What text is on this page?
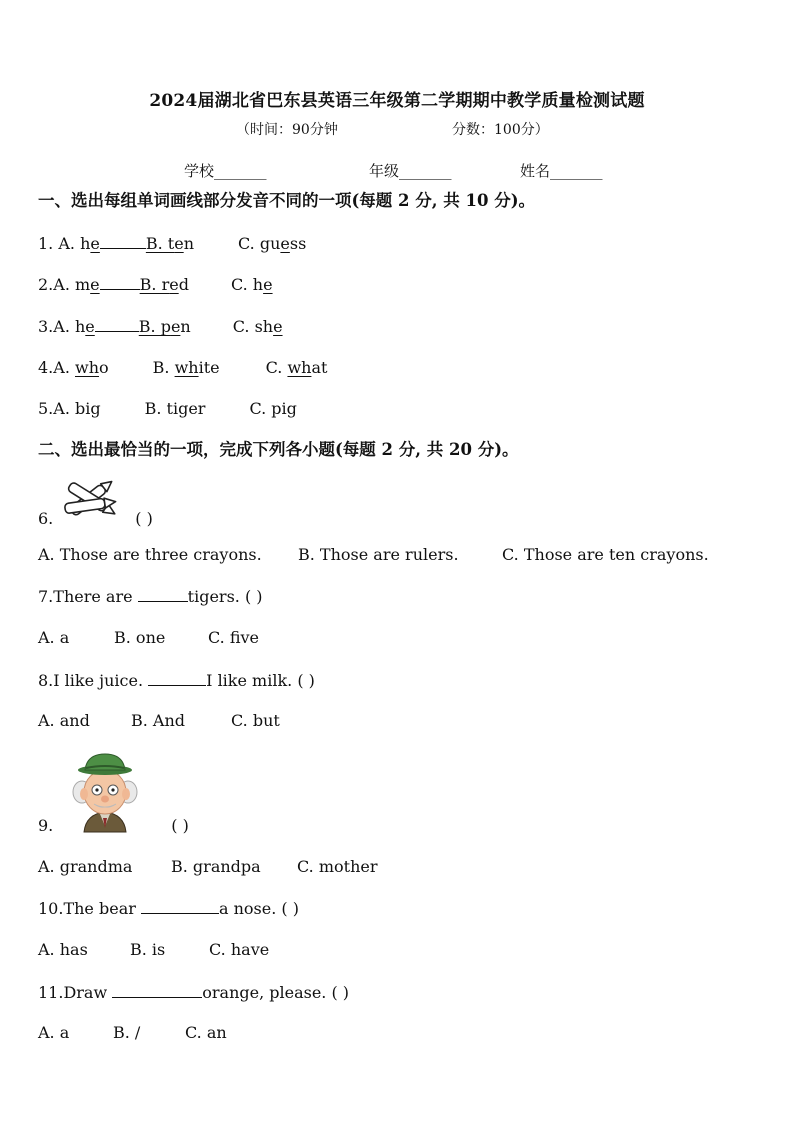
2024届湖北省巴东县英语三年级第二学期期中教学质量检测试题
（时间：90分钟	分数：100分）
学校_______	年级_______	姓名_______
一、选出每组单词画线部分发音不同的一项(每题 2 分, 共 10 分)。
1. A. he	B. ten	C. guess
2.A. me	B. red	C. he
3.A. he	B. pen	C. she
4.A. who	B. white	C. what
5.A. big	B. tiger	C. pig
二、选出最恰当的一项，完成下列各小题(每题 2 分, 共 20 分)。
6.	( )
A. Those are three crayons. B. Those are rulers.	C. Those are ten crayons.
7.There are	tigers. ( )
A. a	B. one	C. five
8.I like juice.	I like milk. ( )
A. and	B. And	C. but
9.	( )
A. grandma B. grandpa C. mother
10.The bear	a nose. ( )
A. has	B. is	C. have
11.Draw	orange, please. ( )
A. a	B. /	C. an
